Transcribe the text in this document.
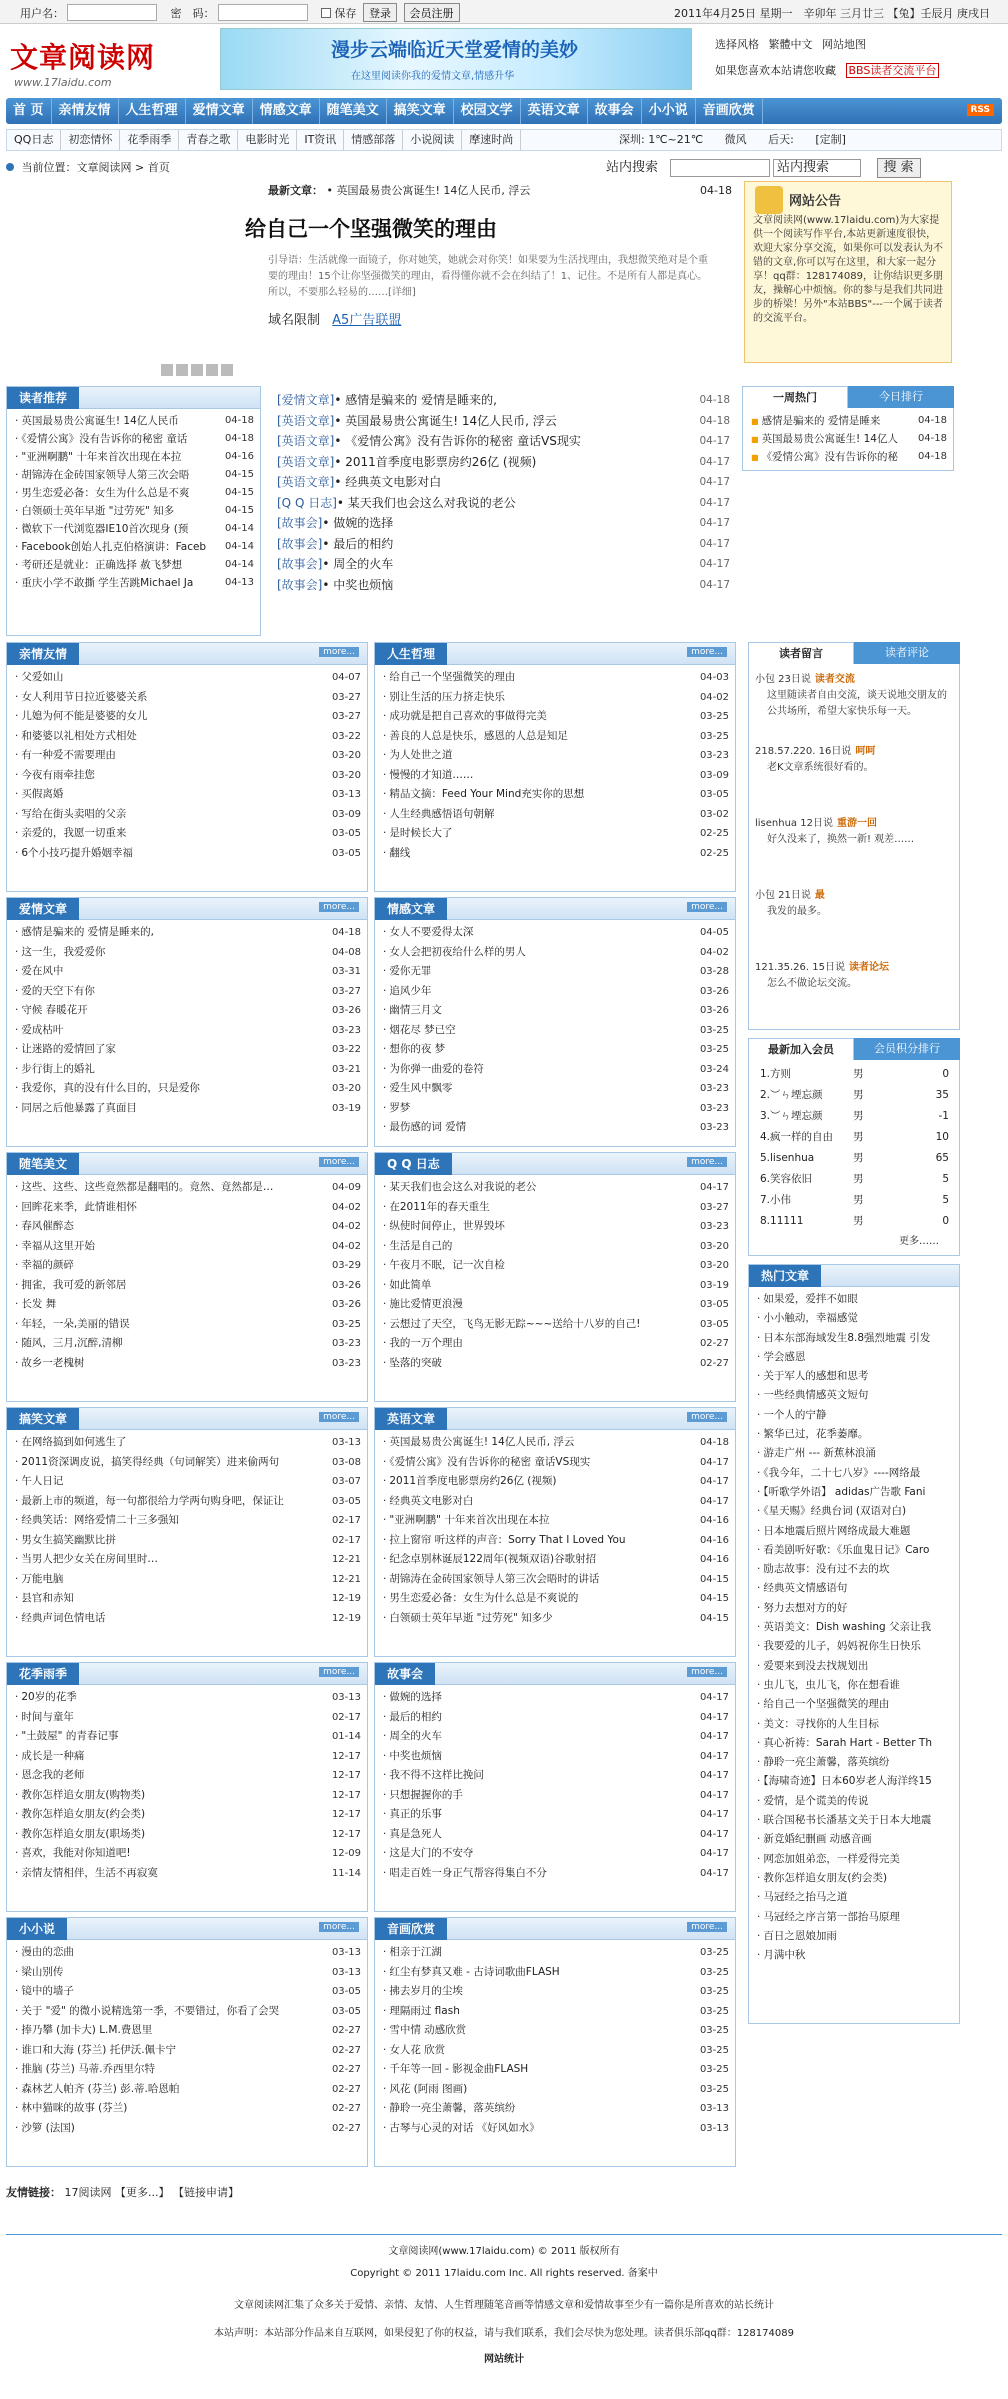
用户名：	密　码：	保存 登录 会员注册	2011年4月25日 星期一　辛卯年 三月廿三 【兔】壬辰月 庚戌日
文章阅读网
www.17laidu.com
漫步云端临近天堂爱情的美妙
在这里阅读你我的爱情文章,情感升华
选择风格 繁體中文 网站地图
如果您喜欢本站请您收藏 BBS读者交流平台
首 页	亲情友情	人生哲理	爱情文章	情感文章	随笔美文	搞笑文章	校园文学	英语文章	故事会	小小说	音画欣赏	RSS
QQ日志	初恋情怀	花季雨季	青春之歌	电影时光	IT资讯	情感部落	小说阅读	摩速时尚	深圳: 1℃~21℃ 微风 后天: [定制]
当前位置：文章阅读网 > 首页	站内搜索	站内搜索	搜 索
最新文章： • 英国最易贵公寓诞生! 14亿人民币, 浮云	04-18
给自己一个坚强微笑的理由
引导语：生活就像一面镜子，你对她笑，她就会对你笑！如果要为生活找理由，我想微笑绝对是个重要的理由！15个让你坚强微笑的理由，看得懂你就不会在纠结了！1、记住。不是所有人都是真心。所以，不要那么轻易的……[详细]
域名限制 A5广告联盟
网站公告
文章阅读网(www.17laidu.com)为大家提供一个阅读写作平台,本站更新速度很快，欢迎大家分享交流，如果你可以发表认为不错的文章,你可以写在这里，和大家一起分享！qq群：128174089，让你结识更多朋友，操解心中烦恼。你的参与是我们共同进步的桥梁！另外"本站BBS"---一个属于读者的交流平台。
读者推荐
· 英国最易贵公寓诞生! 14亿人民币	04-18
· 《爱情公寓》没有告诉你的秘密 童话	04-18
· "亚洲啊鹏" 十年来首次出现在本拉	04-16
· 胡锦涛在金砖国家领导人第三次会晤	04-15
· 男生恋爱必备：女生为什么总是不爽	04-15
· 白领硕士英年早逝 "过劳死" 知多	04-15
· 微软下一代浏览器IE10首次现身 (预	04-14
· Facebook创始人扎克伯格演讲：Faceb	04-14
· 考研还是就业：正确选择 赦飞梦想	04-14
· 重庆小学不敢撕 学生苦跳Michael Ja	04-13
[爱情文章]• 感情是骗来的 爱情是睡来的,	04-18
[英语文章]• 英国最易贵公寓诞生! 14亿人民币, 浮云	04-18
[英语文章]• 《爱情公寓》没有告诉你的秘密 童话VS现实	04-17
[英语文章]• 2011首季度电影票房约26亿 (视频)	04-17
[英语文章]• 经典英文电影对白	04-17
[Q Q 日志]• 某天我们也会这么对我说的老公	04-17
[故事会]• 做婉的选择	04-17
[故事会]• 最后的相约	04-17
[故事会]• 周全的火车	04-17
[故事会]• 中奖也烦恼	04-17
一周热门	今日排行
■ 感情是骗来的 爱情是睡来	04-18
■ 英国最易贵公寓诞生! 14亿人	04-18
■ 《爱情公寓》没有告诉你的秘	04-18
亲情友情	more...
· 父爱如山	04-07
· 女人利用节日拉近婆婆关系	03-27
· 儿媳为何不能是婆婆的女儿	03-27
· 和婆婆以礼相处方式相处	03-22
· 有一种爱不需要理由	03-20
· 今夜有雨牵挂您	03-20
· 买假离婚	03-13
· 写给在街头卖唱的父亲	03-09
· 亲爱的，我愿一切重来	03-05
· 6个小技巧提升婚姻幸福	03-05
人生哲理	more...
· 给自己一个坚强微笑的理由	04-03
· 别让生活的压力挤走快乐	04-02
· 成功就是把自己喜欢的事做得完美	03-25
· 善良的人总是快乐，感恩的人总是知足	03-25
· 为人处世之道	03-23
· 慢慢的才知道……	03-09
· 精品文摘：Feed Your Mind充实你的思想	03-05
· 人生经典感悟语句朝解	03-02
· 是时候长大了	02-25
· 翻线	02-25
爱情文章	more...
· 感情是骗来的 爱情是睡来的,	04-18
· 这一生，我爱爱你	04-08
· 爱在风中	03-31
· 爱的天空下有你	03-27
· 守候 春暖花开	03-26
· 爱成枯叶	03-23
· 让迷路的爱情回了家	03-22
· 步行街上的婚礼	03-21
· 我爱你，真的没有什么目的，只是爱你	03-20
· 同居之后他暴露了真面目	03-19
情感文章	more...
· 女人不要爱得太深	04-05
· 女人会把初夜给什么样的男人	04-02
· 爱你无罪	03-28
· 追风少年	03-26
· 幽情三月文	03-26
· 烟花尽 梦已空	03-25
· 想你的夜 梦	03-25
· 为你弹一曲爱的卷符	03-24
· 爱生风中飘零	03-23
· 罗梦	03-23
· 最伤感的词 爱情	03-23
随笔美文	more...
· 这些、这些、这些竟然都是翻唱的。竟然、竟然都是…	04-09
· 回眸花来季，此情谁相怀	04-02
· 春风催醉态	04-02
· 幸福从这里开始	04-02
· 幸福的颜碎	03-29
· 拥雀，我可爱的新邻居	03-26
· 长发 舞	03-26
· 年轻，一朵,美丽的错误	03-25
· 随风，三月,沉醉,清柳	03-23
· 故乡一老槐树	03-23
Q Q 日志	more...
· 某天我们也会这么对我说的老公	04-17
· 在2011年的春天重生	03-27
· 纵使时间停止，世界毁坏	03-23
· 生活是自己的	03-20
· 午夜月不眠，记一次自检	03-20
· 如此简单	03-19
· 施比爱情更浪漫	03-05
· 云想过了天空，飞鸟无影无踪~~~送给十八岁的自己!	03-05
· 我的一万个理由	02-27
· 坠落的突破	02-27
搞笑文章	more...
· 在网络搞到如何逃生了	03-13
· 2011资深调皮说，搞笑得经典（句词解笑）进来偷两句	03-08
· 午人日记	03-07
· 最新上市的频道，每一句都很给力学两句购身吧，保证让	03-05
· 经典笑话：网络爱情二十三多强知	02-17
· 男女生搞笑幽默比拼	02-17
· 当男人把少女关在房间里时…	12-21
· 万能电脑	12-21
· 县官和赤知	12-19
· 经典声词色情电话	12-19
英语文章	more...
· 英国最易贵公寓诞生! 14亿人民币, 浮云	04-18
· 《爱情公寓》没有告诉你的秘密 童话VS现实	04-17
· 2011首季度电影票房约26亿 (视频)	04-17
· 经典英文电影对白	04-17
· "亚洲啊鹏" 十年来首次出现在本拉	04-16
· 拉上窗帘 听这样的声音：Sorry That I Loved You	04-16
· 纪念卓别林诞辰122周年(视频双语)谷歌射招	04-16
· 胡锦涛在金砖国家领导人第三次会晤时的讲话	04-15
· 男生恋爱必备：女生为什么总是不爽说的	04-15
· 白领硕士英年早逝 "过劳死" 知多少	04-15
花季雨季	more...
· 20岁的花季	03-13
· 时间与童年	02-17
· "土鼓屋" 的青春记事	01-14
· 成长是一种痛	12-17
· 恩念我的老师	12-17
· 教你怎样追女朋友(购物类)	12-17
· 教你怎样追女朋友(约会类)	12-17
· 教你怎样追女朋友(职场类)	12-17
· 喜欢，我能对你知道吧!	12-09
· 亲情友情相伴，生活不再寂寞	11-14
故事会	more...
· 做婉的选择	04-17
· 最后的相约	04-17
· 周全的火车	04-17
· 中奖也烦恼	04-17
· 我不得不这样比挽问	04-17
· 只想握握你的手	04-17
· 真正的乐事	04-17
· 真是急死人	04-17
· 这是大门的不安夺	04-17
· 唱走百姓一身正气帮容得集白不分	04-17
小小说	more...
· 漫由的恋曲	03-13
· 梁山别传	03-13
· 镜中的墙子	03-05
· 关于 "爱" 的微小说精选第一季，不要错过，你看了会哭	03-05
· 捧乃攀 (加卡大) L.M.费恩里	02-27
· 谁口和大海 (芬兰) 托伊沃.佩卡宁	02-27
· 推脑 (芬兰) 马蒂.乔西里尔特	02-27
· 森林艺人帕齐 (芬兰) 彭.蒂.哈恩帕	02-27
· 林中猫咪的故事 (芬兰)	02-27
· 沙箩 (法国)	02-27
音画欣赏	more...
· 相亲于江湖	03-25
· 红尘有梦真又难 - 古诗词歌曲FLASH	03-25
· 拂去岁月的尘埃	03-25
· 理隔雨过 flash	03-25
· 雪中情 动感欣赏	03-25
· 女人花 欣赏	03-25
· 千年等一回 - 影视金曲FLASH	03-25
· 风花 (阿雨 图画)	03-25
· 静聆一亮尘萧馨，落英缤纷	03-13
· 古琴与心灵的对话 《好风如水》	03-13
读者留言	读者评论
小包 23日说 读者交流
这里随读者自由交流，谈天说地交朋友的公共场所，希望大家快乐每一天。
218.57.220. 16日说 呵呵
老K文章系统很好看的。
lisenhua 12日说 重游一回
好久没来了，换然一新! 观差……
小包 21日说 最
我发的最多。
121.35.26. 15日说 读者论坛
怎么不做论坛交流。
最新加入会员	会员积分排行
1.方则	男	0
2.︶ㄣ堙忘颜	男	35
3.︶ㄣ堙忘颜	男	-1
4.疯一样的自由 男	10
5.lisenhua	男	65
6.笑容依旧	男	5
7.小伟	男	5
8.11111	男	0
更多……
热门文章
· 如果爱，爱拌不如眼
· 小小触动，幸福感觉
· 日本东部海域发生8.8强烈地震 引发
· 学会感恩
· 关于军人的感想和思考
· 一些经典情感英文短句
· 一个人的宁静
· 繁华已过，花季萎靡。
· 游走广州 --- 新蕉林浪涌
· 《我今年，二十七八岁》----网络最
· 【听歌学外语】 adidas广告歌 Fani
· 《星天赐》经典台词 (双语对白)
· 日本地震后照片网络成最大难题
· 看美剧听好歌：《乐血鬼日记》Caro
· 励志故事：没有过不去的坎
· 经典英文情感语句
· 努力去想对方的好
· 英语美文：Dish washing 父亲让我
· 我要爱的儿子，妈妈祝你生日快乐
· 爱要来到没去找规划出
· 虫儿飞，虫儿飞，你在想看谁
· 给自己一个坚强微笑的理由
· 美文：寻找你的人生目标
· 真心祈祷：Sarah Hart - Better Th
· 静聆一亮尘萧馨，落英缤纷
· 【海啸奇迹】日本60岁老人海洋终15
· 爱情，是个谎美的传说
· 联合国秘书长潘基文关于日本大地震
· 新竞婚纪删画 动感音画
· 网恋加姐弟恋，一样爱得完美
· 教你怎样追女朋友(约会类)
· 马冠经之抬马之道
· 马冠经之序言第一部抬马原理
· 百日之恩娘加雨
· 月满中秋
友情链接： 17阅读网 【更多...】 【链接申请】

文章阅读网(www.17laidu.com) © 2011 版权所有

Copyright © 2011 17laidu.com Inc. All rights reserved. 备案中

文章阅读网汇集了众多关于爱情、亲情、友情、人生哲理随笔音画等情感文章和爱情故事至少有一篇你是所喜欢的站长统计

本站声明：本站部分作品来自互联网，如果侵犯了你的权益，请与我们联系，我们会尽快为您处理。读者俱乐部qq群：128174089

网站统计
